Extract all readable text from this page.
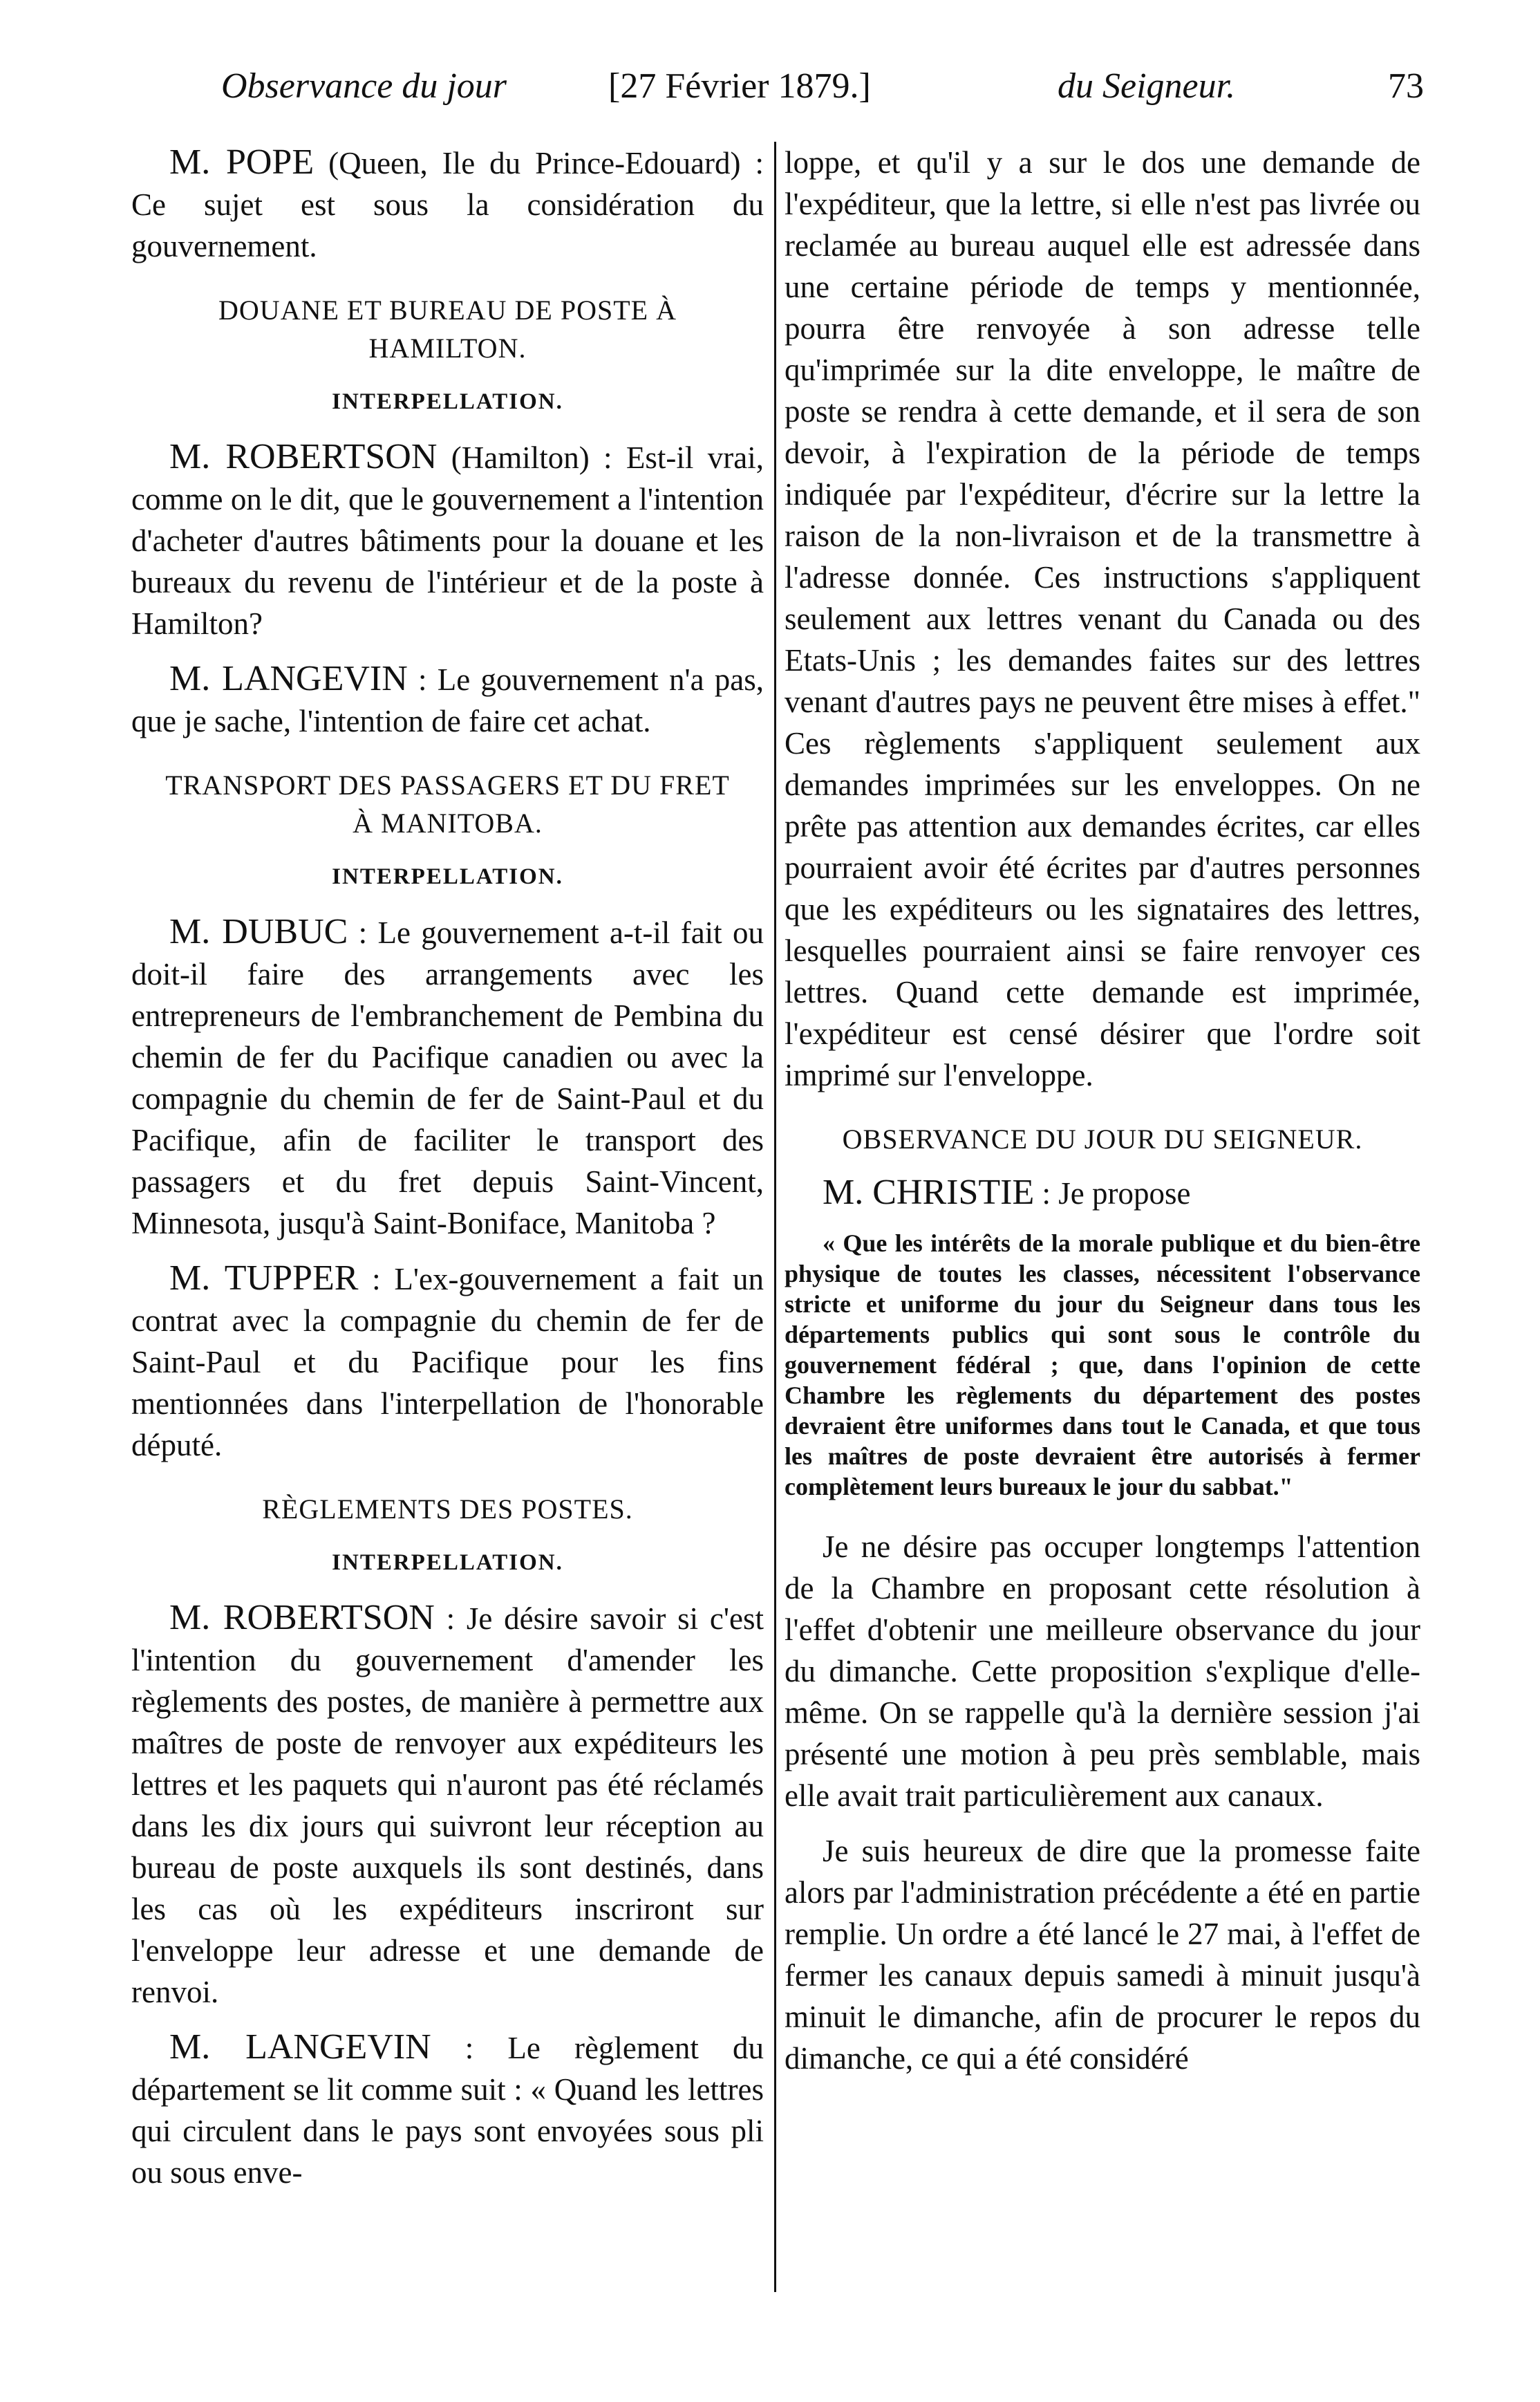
Observance du jour	[27 Février 1879.]	du Seigneur.	73

M. POPE (Queen, Ile du Prince-Edouard) : Ce sujet est sous la considération du gouvernement.

DOUANE ET BUREAU DE POSTE À HAMILTON.
INTERPELLATION.

M. ROBERTSON (Hamilton) : Est-il vrai, comme on le dit, que le gouvernement a l'intention d'acheter d'autres bâtiments pour la douane et les bureaux du revenu de l'intérieur et de la poste à Hamilton?

M. LANGEVIN : Le gouvernement n'a pas, que je sache, l'intention de faire cet achat.

TRANSPORT DES PASSAGERS ET DU FRET À MANITOBA.
INTERPELLATION.

M. DUBUC : Le gouvernement a-t-il fait ou doit-il faire des arrangements avec les entrepreneurs de l'embranchement de Pembina du chemin de fer du Pacifique canadien ou avec la compagnie du chemin de fer de Saint-Paul et du Pacifique, afin de faciliter le transport des passagers et du fret depuis Saint-Vincent, Minnesota, jusqu'à Saint-Boniface, Manitoba ?

M. TUPPER : L'ex-gouvernement a fait un contrat avec la compagnie du chemin de fer de Saint-Paul et du Pacifique pour les fins mentionnées dans l'interpellation de l'honorable député.

RÈGLEMENTS DES POSTES.
INTERPELLATION.

M. ROBERTSON : Je désire savoir si c'est l'intention du gouvernement d'amender les règlements des postes, de manière à permettre aux maîtres de poste de renvoyer aux expéditeurs les lettres et les paquets qui n'auront pas été réclamés dans les dix jours qui suivront leur réception au bureau de poste auxquels ils sont destinés, dans les cas où les expéditeurs inscriront sur l'enveloppe leur adresse et une demande de renvoi.

M. LANGEVIN : Le règlement du département se lit comme suit : « Quand les lettres qui circulent dans le pays sont envoyées sous pli ou sous enve-

loppe, et qu'il y a sur le dos une demande de l'expéditeur, que la lettre, si elle n'est pas livrée ou reclamée au bureau auquel elle est adressée dans une certaine période de temps y mentionnée, pourra être renvoyée à son adresse telle qu'imprimée sur la dite enveloppe, le maître de poste se rendra à cette demande, et il sera de son devoir, à l'expiration de la période de temps indiquée par l'expéditeur, d'écrire sur la lettre la raison de la non-livraison et de la transmettre à l'adresse donnée. Ces instructions s'appliquent seulement aux lettres venant du Canada ou des Etats-Unis ; les demandes faites sur des lettres venant d'autres pays ne peuvent être mises à effet." Ces règlements s'appliquent seulement aux demandes imprimées sur les enveloppes. On ne prête pas attention aux demandes écrites, car elles pourraient avoir été écrites par d'autres personnes que les expéditeurs ou les signataires des lettres, lesquelles pourraient ainsi se faire renvoyer ces lettres. Quand cette demande est imprimée, l'expéditeur est censé désirer que l'ordre soit imprimé sur l'enveloppe.

OBSERVANCE DU JOUR DU SEIGNEUR.

M. CHRISTIE : Je propose

« Que les intérêts de la morale publique et du bien-être physique de toutes les classes, nécessitent l'observance stricte et uniforme du jour du Seigneur dans tous les départements publics qui sont sous le contrôle du gouvernement fédéral ; que, dans l'opinion de cette Chambre les règlements du département des postes devraient être uniformes dans tout le Canada, et que tous les maîtres de poste devraient être autorisés à fermer complètement leurs bureaux le jour du sabbat."

Je ne désire pas occuper longtemps l'attention de la Chambre en proposant cette résolution à l'effet d'obtenir une meilleure observance du jour du dimanche. Cette proposition s'explique d'elle-même. On se rappelle qu'à la dernière session j'ai présenté une motion à peu près semblable, mais elle avait trait particulièrement aux canaux.

Je suis heureux de dire que la promesse faite alors par l'administration précédente a été en partie remplie. Un ordre a été lancé le 27 mai, à l'effet de fermer les canaux depuis samedi à minuit jusqu'à minuit le dimanche, afin de procurer le repos du dimanche, ce qui a été considéré
